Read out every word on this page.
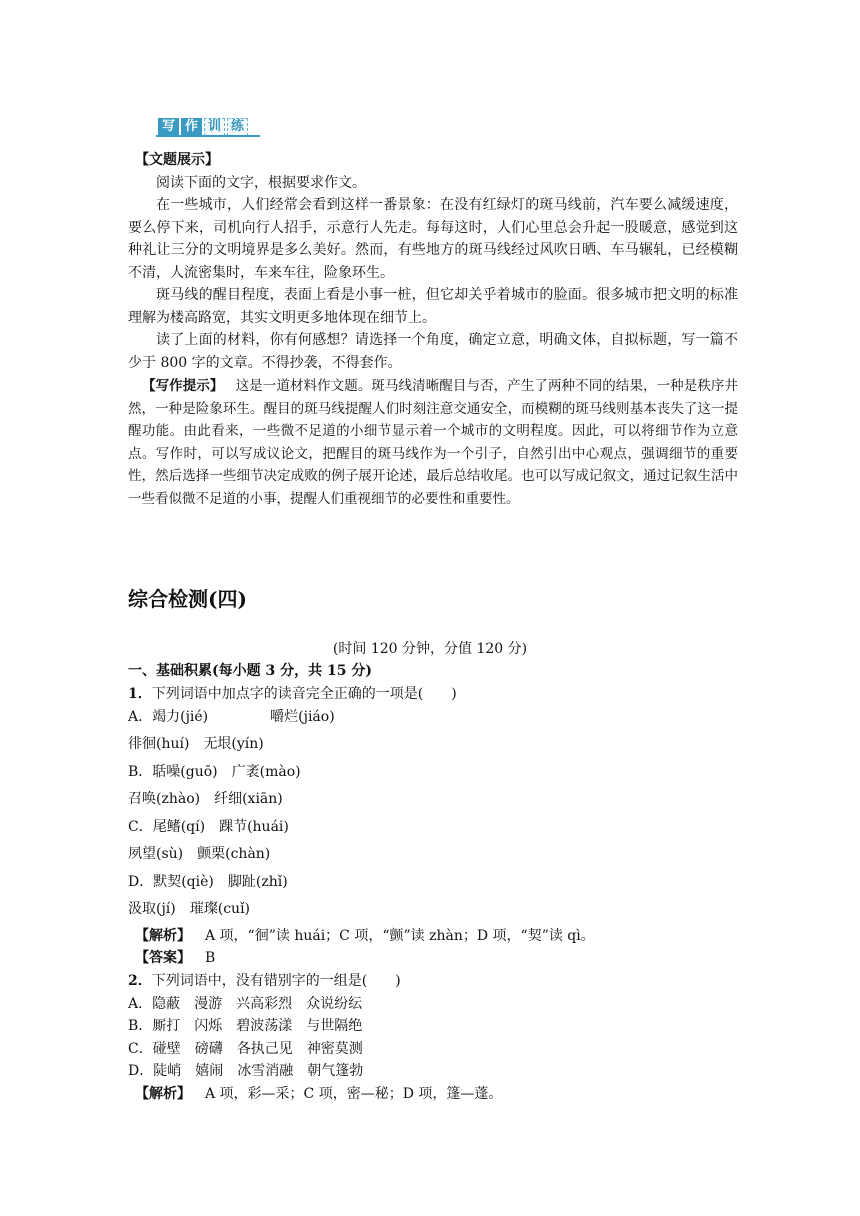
写 作 训 练
【文题展示】
阅读下面的文字，根据要求作文。
在一些城市，人们经常会看到这样一番景象：在没有红绿灯的斑马线前，汽车要么减缓速度，要么停下来，司机向行人招手，示意行人先走。每每这时，人们心里总会升起一股暖意，感觉到这种礼让三分的文明境界是多么美好。然而，有些地方的斑马线经过风吹日晒、车马辗轧，已经模糊不清，人流密集时，车来车往，险象环生。
斑马线的醒目程度，表面上看是小事一桩，但它却关乎着城市的脸面。很多城市把文明的标准理解为楼高路宽，其实文明更多地体现在细节上。
读了上面的材料，你有何感想？请选择一个角度，确定立意，明确文体，自拟标题，写一篇不少于 800 字的文章。不得抄袭，不得套作。
【写作提示】 这是一道材料作文题。斑马线清晰醒目与否，产生了两种不同的结果，一种是秩序井然，一种是险象环生。醒目的斑马线提醒人们时刻注意交通安全，而模糊的斑马线则基本丧失了这一提醒功能。由此看来，一些微不足道的小细节显示着一个城市的文明程度。因此，可以将细节作为立意点。写作时，可以写成议论文，把醒目的斑马线作为一个引子，自然引出中心观点，强调细节的重要性，然后选择一些细节决定成败的例子展开论述，最后总结收尾。也可以写成记叙文，通过记叙生活中一些看似微不足道的小事，提醒人们重视细节的必要性和重要性。
综合检测(四)
(时间 120 分钟，分值 120 分)
一、基础积累(每小题 3 分，共 15 分)
1．下列词语中加点字的读音完全正确的一项是(　　)
A．竭力(jié)	嚼烂(jiáo)
徘徊(huí) 无垠(yín)
B．聒噪(guō) 广袤(mào)
召唤(zhào) 纤细(xiān)
C．尾鳍(qí) 踝节(huái)
夙望(sù) 颤栗(chàn)
D．默契(qiè) 脚趾(zhǐ)
汲取(jí) 璀璨(cuǐ)
【解析】 A 项，“徊”读 huái；C 项，“颤”读 zhàn；D 项，“契”读 qì。
【答案】 B
2．下列词语中，没有错别字的一组是(　　)
A．隐蔽　漫游　兴高彩烈　众说纷纭
B．厮打　闪烁　碧波荡漾　与世隔绝
C．碰壁　磅礴　各执己见　神密莫测
D．陡峭　嬉闹　冰雪消融　朝气篷勃
【解析】 A 项，彩—采；C 项，密—秘；D 项，篷—蓬。
